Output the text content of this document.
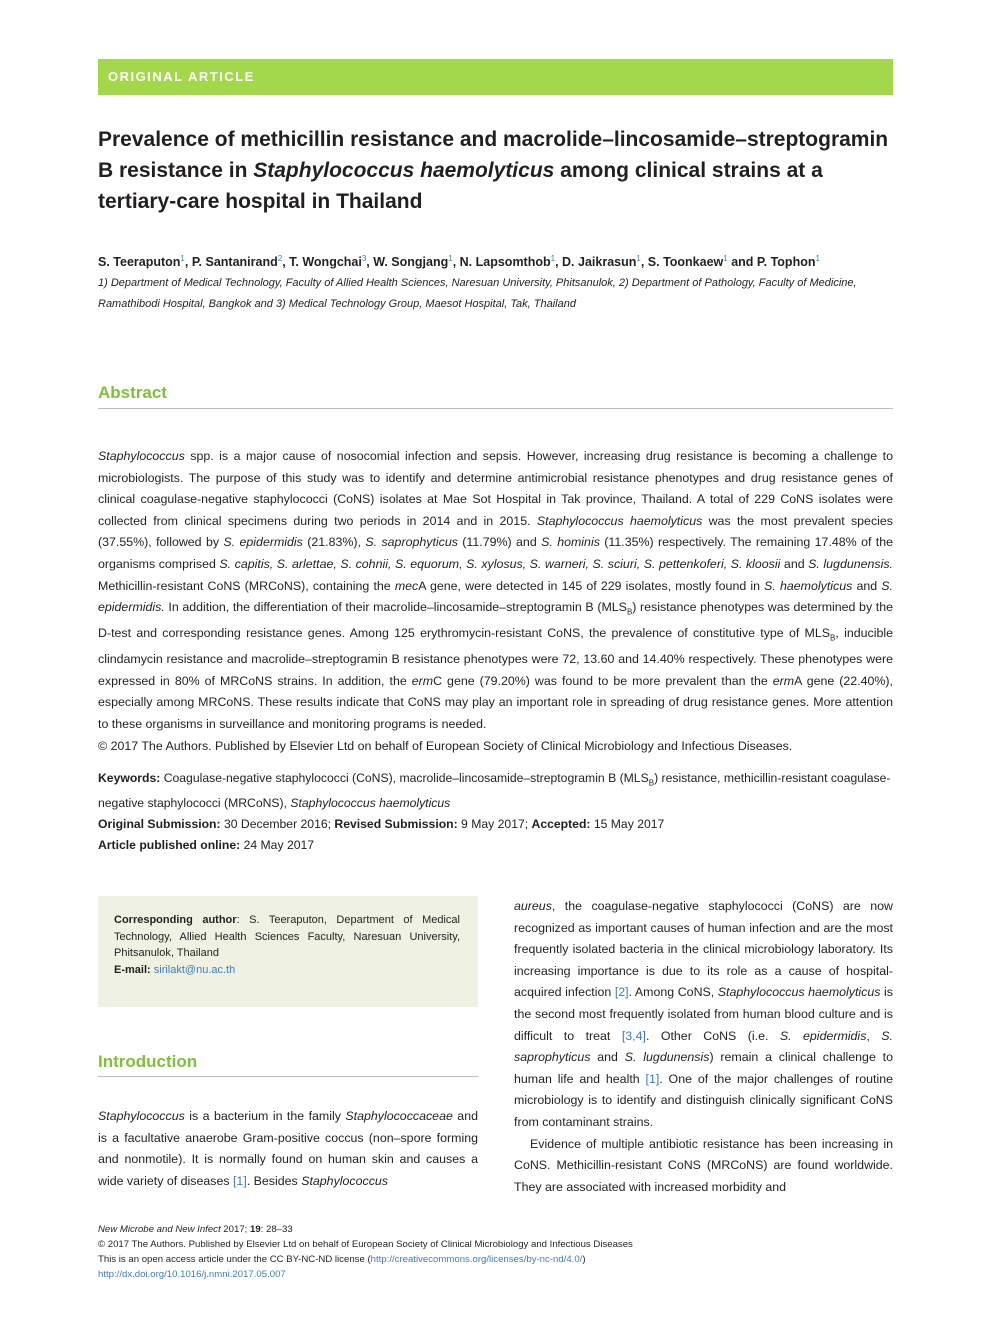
ORIGINAL ARTICLE
Prevalence of methicillin resistance and macrolide–lincosamide–streptogramin B resistance in Staphylococcus haemolyticus among clinical strains at a tertiary-care hospital in Thailand
S. Teeraputon$^1$, P. Santanirand$^2$, T. Wongchai$^3$, W. Songjang$^1$, N. Lapsomthob$^1$, D. Jaikrasun$^1$, S. Toonkaew$^1$ and P. Tophon$^1$
1) Department of Medical Technology, Faculty of Allied Health Sciences, Naresuan University, Phitsanulok, 2) Department of Pathology, Faculty of Medicine,
Ramathibodi Hospital, Bangkok and 3) Medical Technology Group, Maesot Hospital, Tak, Thailand
Abstract

Staphylococcus spp. is a major cause of nosocomial infection and sepsis. However, increasing drug resistance is becoming a challenge to microbiologists. The purpose of this study was to identify and determine antimicrobial resistance phenotypes and drug resistance genes of clinical coagulase-negative staphylococci (CoNS) isolates at Mae Sot Hospital in Tak province, Thailand. A total of 229 CoNS isolates were collected from clinical specimens during two periods in 2014 and in 2015. Staphylococcus haemolyticus was the most prevalent species (37.55%), followed by S. epidermidis (21.83%), S. saprophyticus (11.79%) and S. hominis (11.35%) respectively. The remaining 17.48% of the organisms comprised S. capitis, S. arlettae, S. cohnii, S. equorum, S. xylosus, S. warneri, S. sciuri, S. pettenkoferi, S. kloosii and S. lugdunensis. Methicillin-resistant CoNS (MRCoNS), containing the mecA gene, were detected in 145 of 229 isolates, mostly found in S. haemolyticus and S. epidermidis. In addition, the differentiation of their macrolide–lincosamide–streptogramin B $(MLS_B)$ resistance phenotypes was determined by the D-test and corresponding resistance genes. Among 125 erythromycin-resistant CoNS, the prevalence of constitutive type of $MLS_B$, inducible clindamycin resistance and macrolide–streptogramin B resistance phenotypes were 72, 13.60 and 14.40% respectively. These phenotypes were expressed in 80% of MRCoNS strains. In addition, the ermC gene (79.20%) was found to be more prevalent than the ermA gene (22.40%), especially among MRCoNS. These results indicate that CoNS may play an important role in spreading of drug resistance genes. More attention to these organisms in surveillance and monitoring programs is needed.

© 2017 The Authors. Published by Elsevier Ltd on behalf of European Society of Clinical Microbiology and Infectious Diseases.

Keywords: Coagulase-negative staphylococci (CoNS), macrolide–lincosamide–streptogramin B $(MLS_B)$ resistance, methicillin-resistant coagulase-negative staphylococci (MRCoNS), Staphylococcus haemolyticus

Original Submission: 30 December 2016; Revised Submission: 9 May 2017; Accepted: 15 May 2017

Article published online: 24 May 2017

Corresponding author: S. Teeraputon, Department of Medical Technology, Allied Health Sciences Faculty, Naresuan University, Phitsanulok, Thailand
E-mail: sirilakt@nu.ac.th
Introduction

Staphylococcus is a bacterium in the family Staphylococcaceae and is a facultative anaerobe Gram-positive coccus (non–spore forming and nonmotile). It is normally found on human skin and causes a wide variety of diseases [1]. Besides Staphylococcus

aureus, the coagulase-negative staphylococci (CoNS) are now recognized as important causes of human infection and are the most frequently isolated bacteria in the clinical microbiology laboratory. Its increasing importance is due to its role as a cause of hospital-acquired infection [2]. Among CoNS, Staphylococcus haemolyticus is the second most frequently isolated from human blood culture and is difficult to treat [3,4]. Other CoNS (i.e. S. epidermidis, S. saprophyticus and S. lugdunensis) remain a clinical challenge to human life and health [1]. One of the major challenges of routine microbiology is to identify and distinguish clinically significant CoNS from contaminant strains.

Evidence of multiple antibiotic resistance has been increasing in CoNS. Methicillin-resistant CoNS (MRCoNS) are found worldwide. They are associated with increased morbidity and

New Microbe and New Infect 2017; 19: 28–33
© 2017 The Authors. Published by Elsevier Ltd on behalf of European Society of Clinical Microbiology and Infectious Diseases
This is an open access article under the CC BY-NC-ND license (http://creativecommons.org/licenses/by-nc-nd/4.0/)
http://dx.doi.org/10.1016/j.nmni.2017.05.007
